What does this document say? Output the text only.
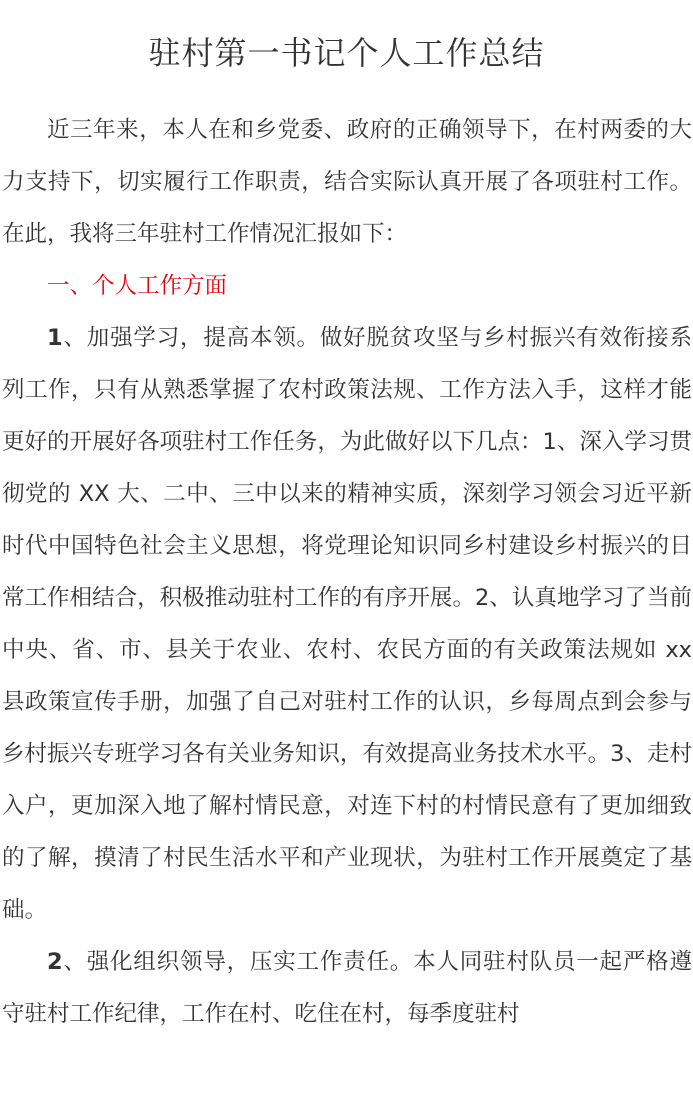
驻村第一书记个人工作总结

近三年来，本人在和乡党委、政府的正确领导下，在村两委的大力支持下，切实履行工作职责，结合实际认真开展了各项驻村工作。在此，我将三年驻村工作情况汇报如下：

一、个人工作方面

1、加强学习，提高本领。做好脱贫攻坚与乡村振兴有效衔接系列工作，只有从熟悉掌握了农村政策法规、工作方法入手，这样才能更好的开展好各项驻村工作任务，为此做好以下几点：1、深入学习贯彻党的 XX 大、二中、三中以来的精神实质，深刻学习领会习近平新时代中国特色社会主义思想，将党理论知识同乡村建设乡村振兴的日常工作相结合，积极推动驻村工作的有序开展。2、认真地学习了当前中央、省、市、县关于农业、农村、农民方面的有关政策法规如 xx 县政策宣传手册，加强了自己对驻村工作的认识，乡每周点到会参与乡村振兴专班学习各有关业务知识，有效提高业务技术水平。3、走村入户，更加深入地了解村情民意，对连下村的村情民意有了更加细致的了解，摸清了村民生活水平和产业现状，为驻村工作开展奠定了基础。

2、强化组织领导，压实工作责任。本人同驻村队员一起严格遵守驻村工作纪律，工作在村、吃住在村，每季度驻村
